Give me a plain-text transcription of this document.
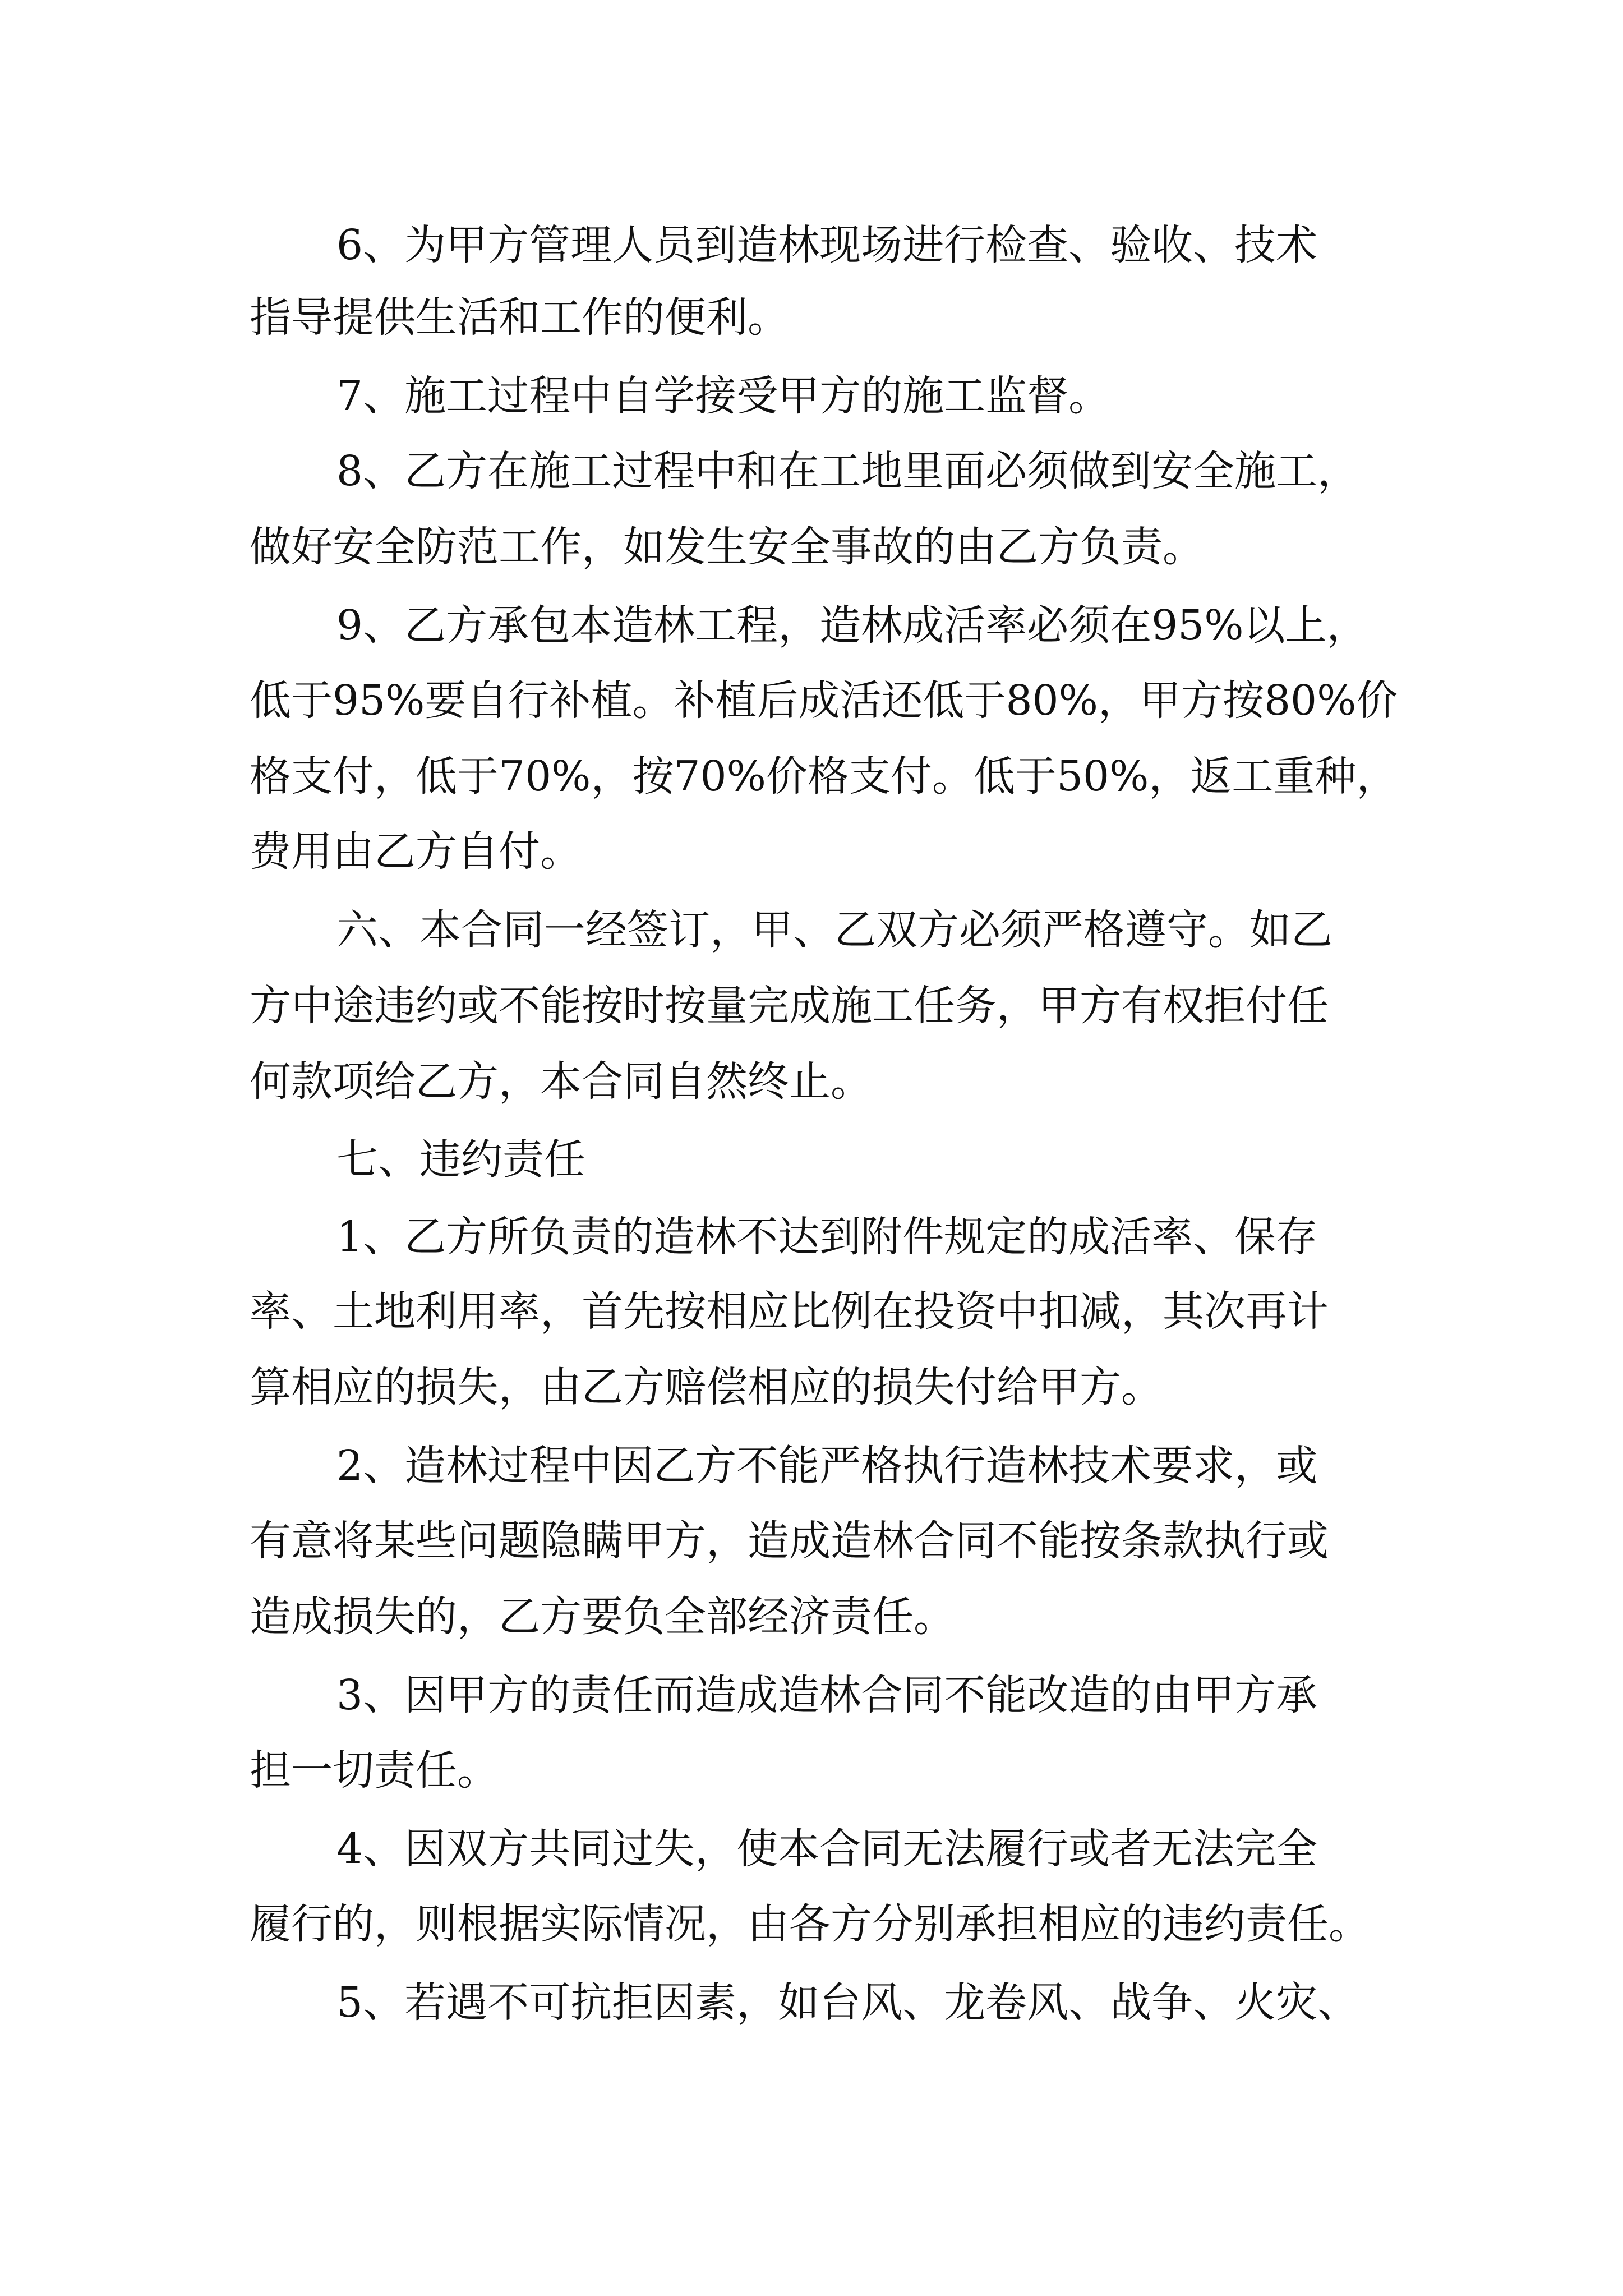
6、为甲方管理人员到造林现场进行检查、验收、技术

指导提供生活和工作的便利。

7、施工过程中自学接受甲方的施工监督。

8、乙方在施工过程中和在工地里面必须做到安全施工，

做好安全防范工作，如发生安全事故的由乙方负责。

9、乙方承包本造林工程，造林成活率必须在95%以上，

低于95%要自行补植。补植后成活还低于80%，甲方按80%价

格支付，低于70%，按70%价格支付。低于50%，返工重种，

费用由乙方自付。

六、本合同一经签订，甲、乙双方必须严格遵守。如乙

方中途违约或不能按时按量完成施工任务，甲方有权拒付任

何款项给乙方，本合同自然终止。

七、违约责任

1、乙方所负责的造林不达到附件规定的成活率、保存

率、土地利用率，首先按相应比例在投资中扣减，其次再计

算相应的损失，由乙方赔偿相应的损失付给甲方。

2、造林过程中因乙方不能严格执行造林技术要求，或

有意将某些问题隐瞒甲方，造成造林合同不能按条款执行或

造成损失的，乙方要负全部经济责任。

3、因甲方的责任而造成造林合同不能改造的由甲方承

担一切责任。

4、因双方共同过失，使本合同无法履行或者无法完全

履行的，则根据实际情况，由各方分别承担相应的违约责任。

5、若遇不可抗拒因素，如台风、龙卷风、战争、火灾、
